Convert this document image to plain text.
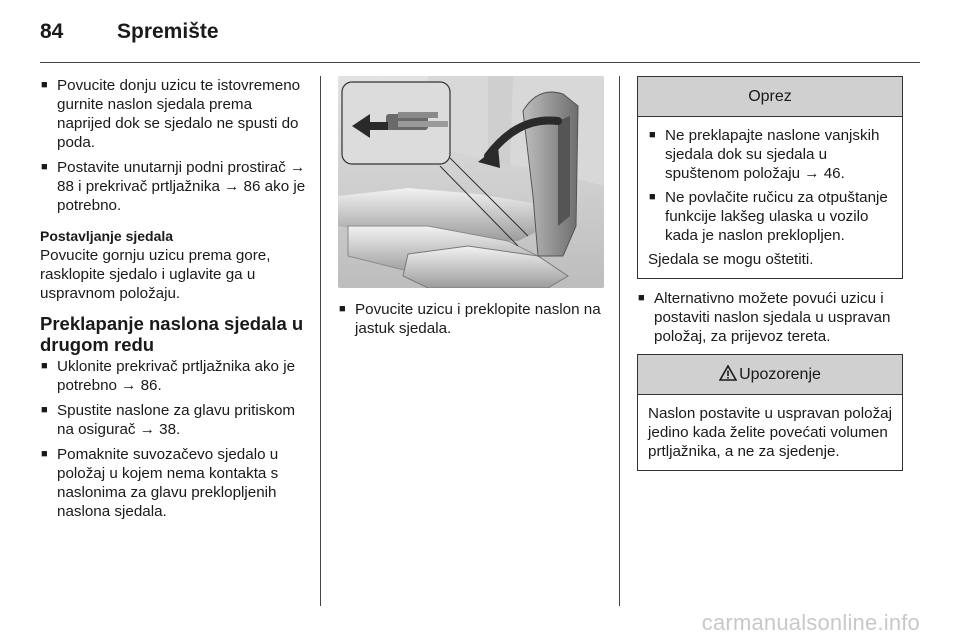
84	Spremište
■ Povucite donju uzicu te istovremeno gurnite naslon sjedala prema naprijed dok se sjedalo ne spusti do poda.
■ Postavite unutarnji podni prostirač → 88 i prekrivač prtljažnika → 86 ako je potrebno.
Postavljanje sjedala
Povucite gornju uzicu prema gore, rasklopite sjedalo i uglavite ga u uspravnom položaju.
Preklapanje naslona sjedala u drugom redu
■ Uklonite prekrivač prtljažnika ako je potrebno → 86.
■ Spustite naslone za glavu pritiskom na osigurač → 38.
■ Pomaknite suvozačevo sjedalo u položaj u kojem nema kontakta s naslonima za glavu preklopljenih naslona sjedala.
■ Povucite uzicu i preklopite naslon na jastuk sjedala.
Oprez
■ Ne preklapajte naslone vanjskih sjedala dok su sjedala u spuštenom položaju → 46.
■ Ne povlačite ručicu za otpuštanje funkcije lakšeg ulaska u vozilo kada je naslon preklopljen.
Sjedala se mogu oštetiti.
■ Alternativno možete povući uzicu i postaviti naslon sjedala u uspravan položaj, za prijevoz tereta.
Upozorenje
Naslon postavite u uspravan položaj jedino kada želite povećati volumen prtljažnika, a ne za sjedenje.
carmanualsonline.info
